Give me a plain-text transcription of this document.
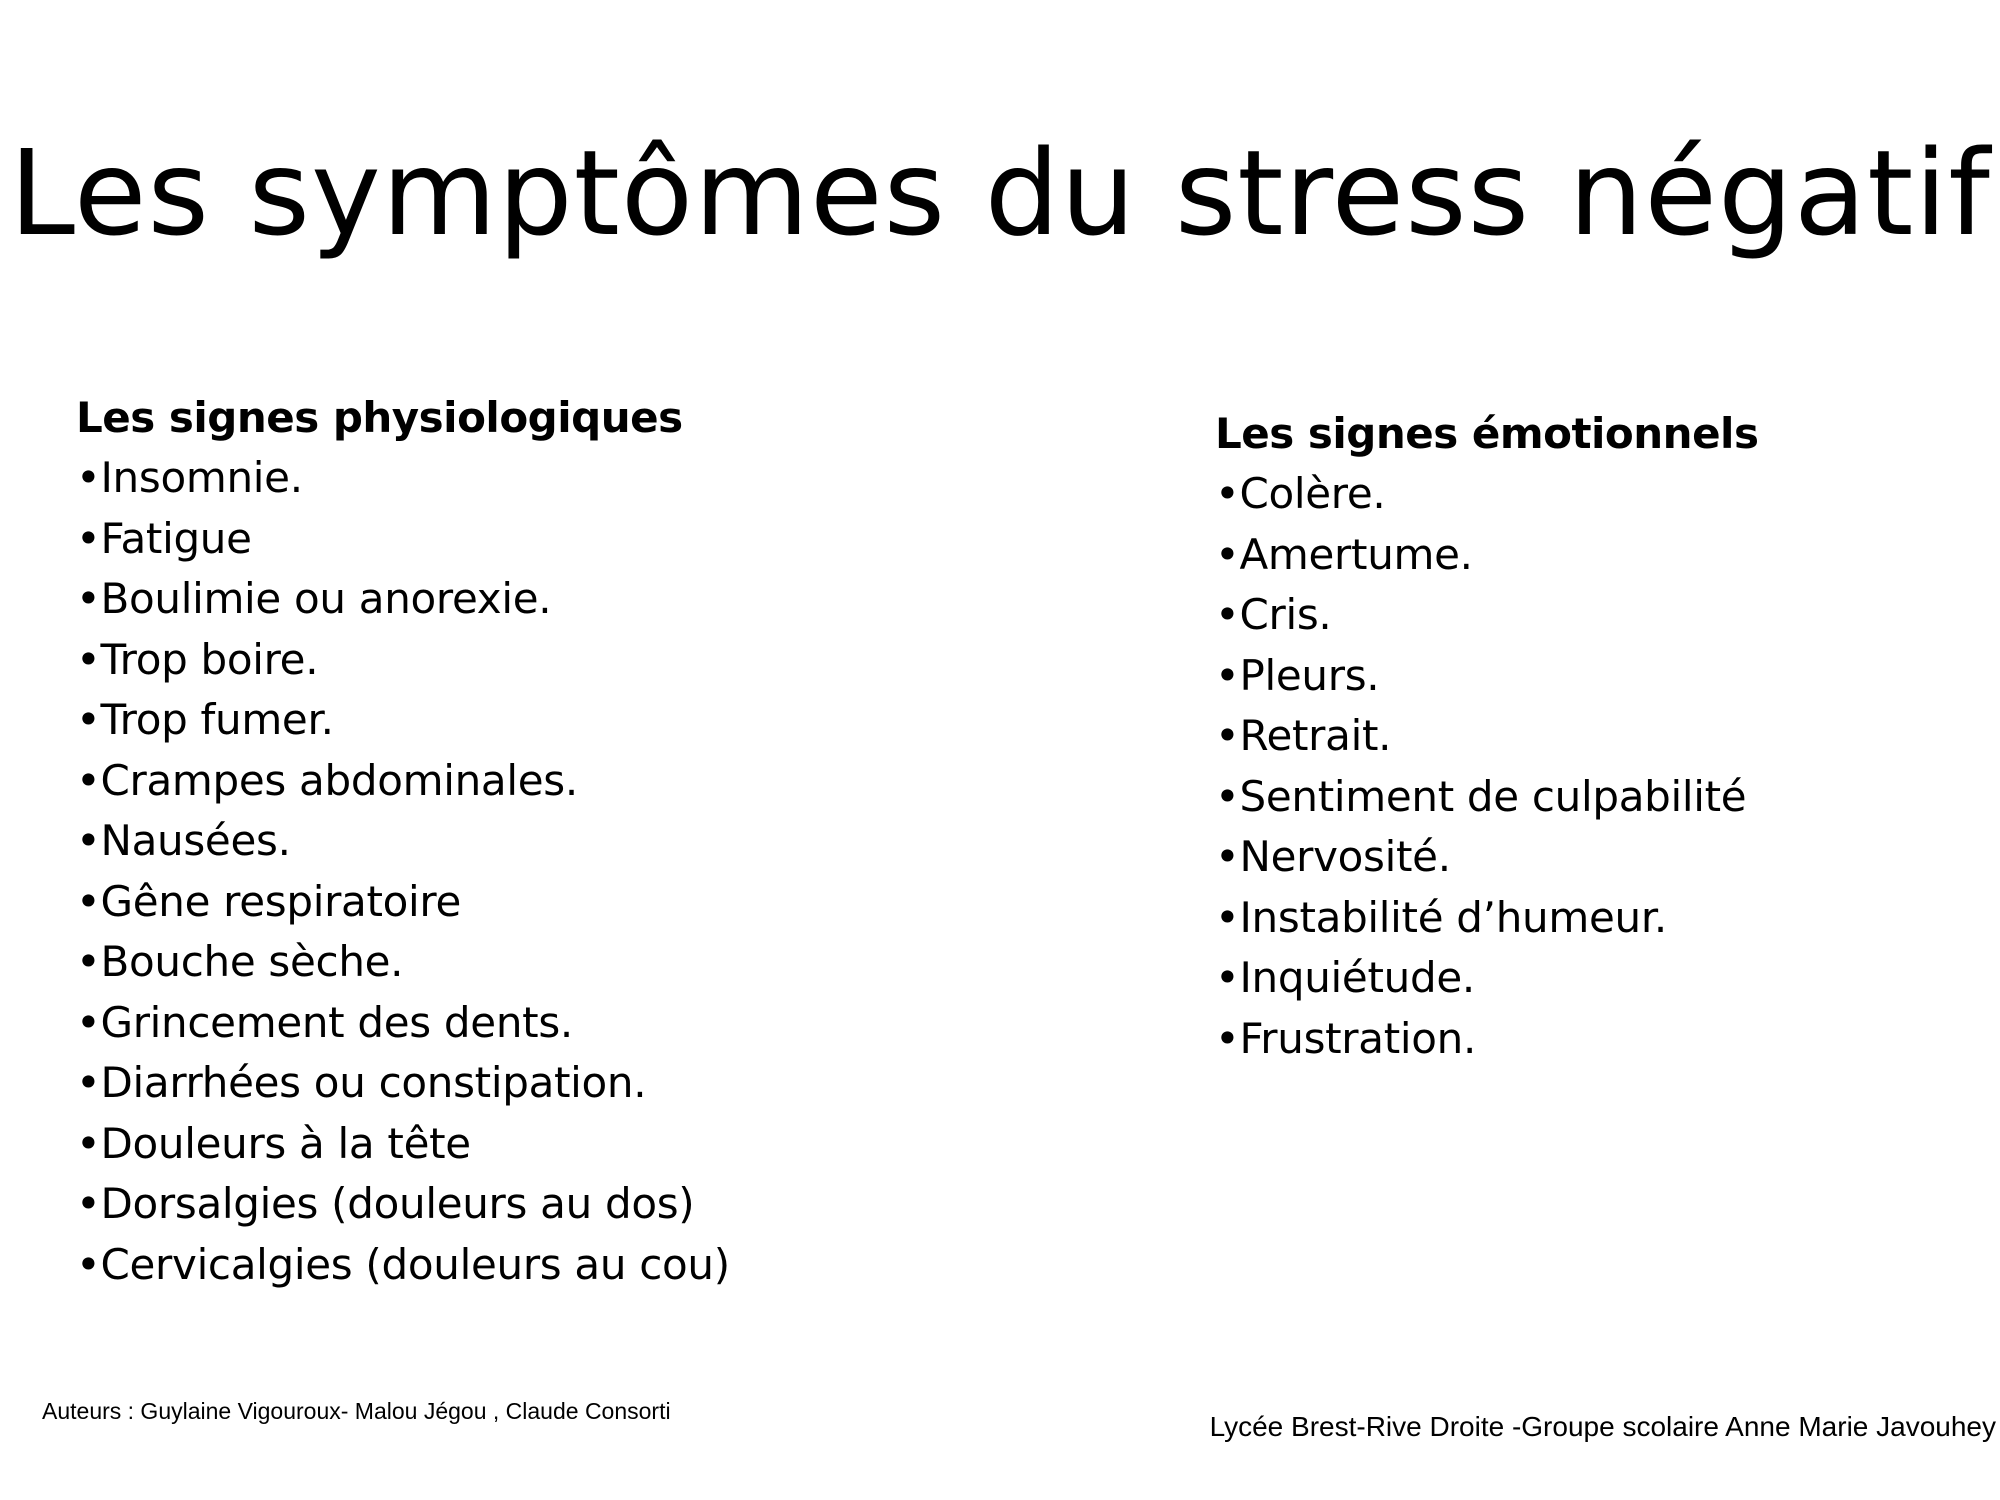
Les symptômes du stress négatif
Les signes physiologiques
•Insomnie.
•Fatigue
•Boulimie ou anorexie.
•Trop boire.
•Trop fumer.
•Crampes abdominales.
•Nausées.
•Gêne respiratoire
•Bouche sèche.
•Grincement des dents.
•Diarrhées ou constipation.
•Douleurs à la tête
•Dorsalgies (douleurs au dos)
•Cervicalgies (douleurs au cou)
Les signes émotionnels
•Colère.
•Amertume.
•Cris.
•Pleurs.
•Retrait.
•Sentiment de culpabilité
•Nervosité.
•Instabilité d’humeur.
•Inquiétude.
•Frustration.
Auteurs : Guylaine Vigouroux- Malou Jégou , Claude Consorti	Lycée Brest-Rive Droite -Groupe scolaire Anne Marie Javouhey
